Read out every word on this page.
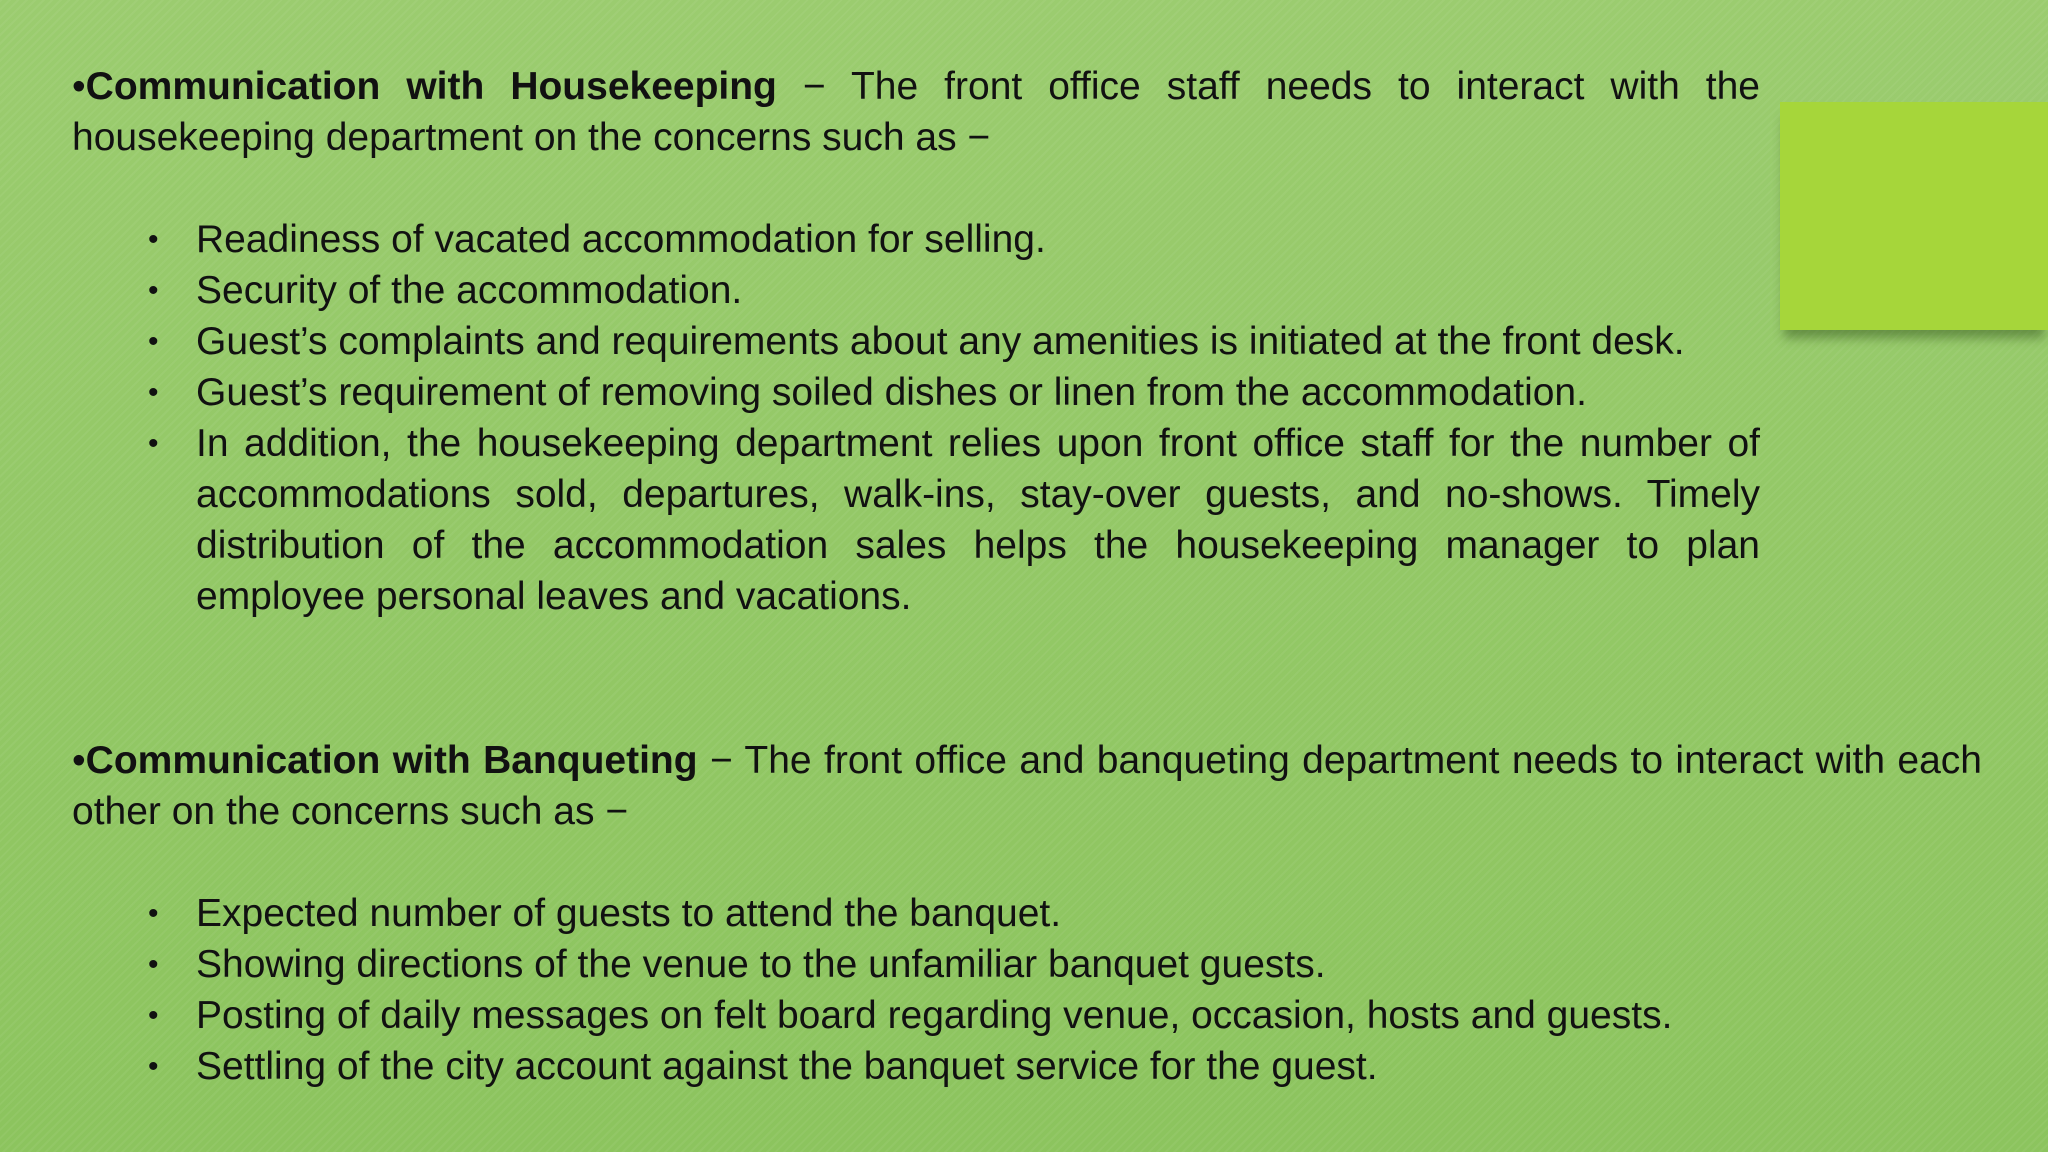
•Communication with Housekeeping − The front office staff needs to interact with the housekeeping department on the concerns such as −
• Readiness of vacated accommodation for selling.
• Security of the accommodation.
• Guest’s complaints and requirements about any amenities is initiated at the front desk.
• Guest’s requirement of removing soiled dishes or linen from the accommodation.
• In addition, the housekeeping department relies upon front office staff for the number of accommodations sold, departures, walk-ins, stay-over guests, and no-shows. Timely distribution of the accommodation sales helps the housekeeping manager to plan employee personal leaves and vacations.
•Communication with Banqueting − The front office and banqueting department needs to interact with each other on the concerns such as −
• Expected number of guests to attend the banquet.
• Showing directions of the venue to the unfamiliar banquet guests.
• Posting of daily messages on felt board regarding venue, occasion, hosts and guests.
• Settling of the city account against the banquet service for the guest.
